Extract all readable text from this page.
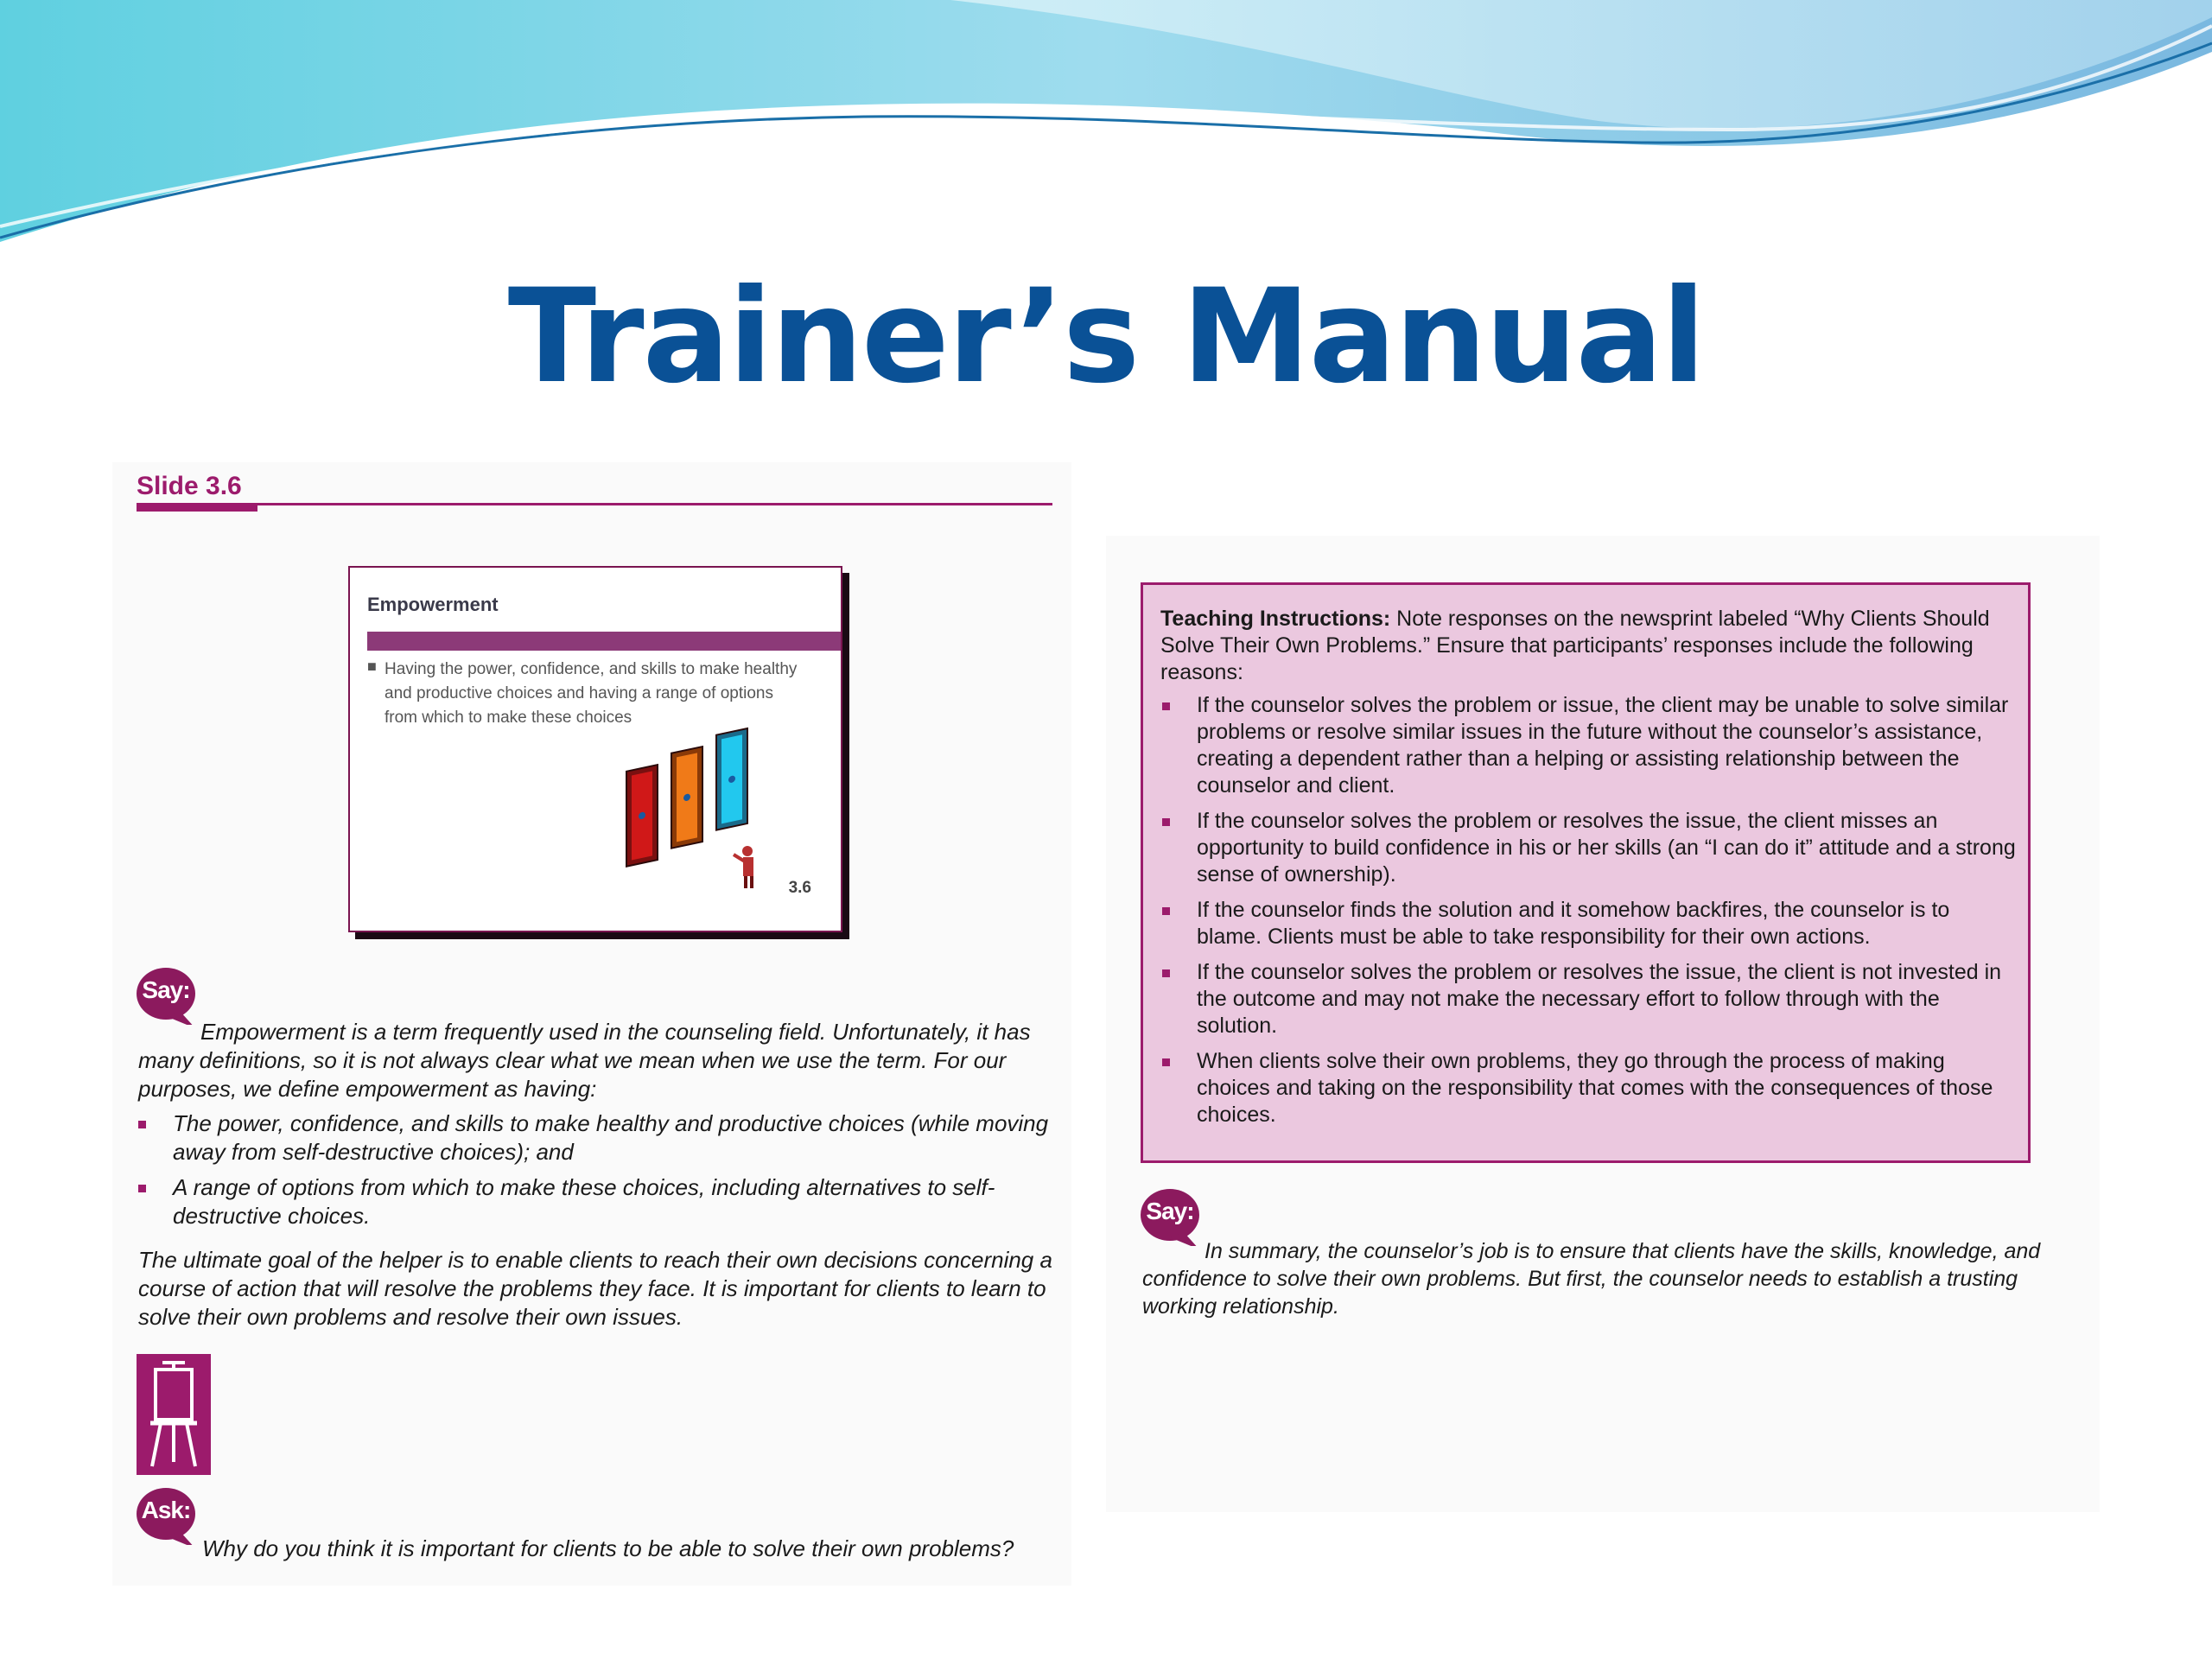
Trainer’s Manual
Slide 3.6
Empowerment
■ Having the power, confidence, and skills to make healthy and productive choices and having a range of options from which to make these choices
3.6
Say:
Empowerment is a term frequently used in the counseling field. Unfortunately, it has many definitions, so it is not always clear what we mean when we use the term. For our purposes, we define empowerment as having:
The power, confidence, and skills to make healthy and productive choices (while moving away from self-destructive choices); and
A range of options from which to make these choices, including alternatives to self-destructive choices.
The ultimate goal of the helper is to enable clients to reach their own decisions concerning a course of action that will resolve the problems they face. It is important for clients to learn to solve their own problems and resolve their own issues.
Ask:
Why do you think it is important for clients to be able to solve their own problems?
Teaching Instructions: Note responses on the newsprint labeled “Why Clients Should Solve Their Own Problems.” Ensure that participants’ responses include the following reasons:
If the counselor solves the problem or issue, the client may be unable to solve similar problems or resolve similar issues in the future without the counselor’s assistance, creating a dependent rather than a helping or assisting relationship between the counselor and client.
If the counselor solves the problem or resolves the issue, the client misses an opportunity to build confidence in his or her skills (an “I can do it” attitude and a strong sense of ownership).
If the counselor finds the solution and it somehow backfires, the counselor is to blame. Clients must be able to take responsibility for their own actions.
If the counselor solves the problem or resolves the issue, the client is not invested in the outcome and may not make the necessary effort to follow through with the solution.
When clients solve their own problems, they go through the process of making choices and taking on the responsibility that comes with the consequences of those choices.
Say:
In summary, the counselor’s job is to ensure that clients have the skills, knowledge, and confidence to solve their own problems. But first, the counselor needs to establish a trusting working relationship.
